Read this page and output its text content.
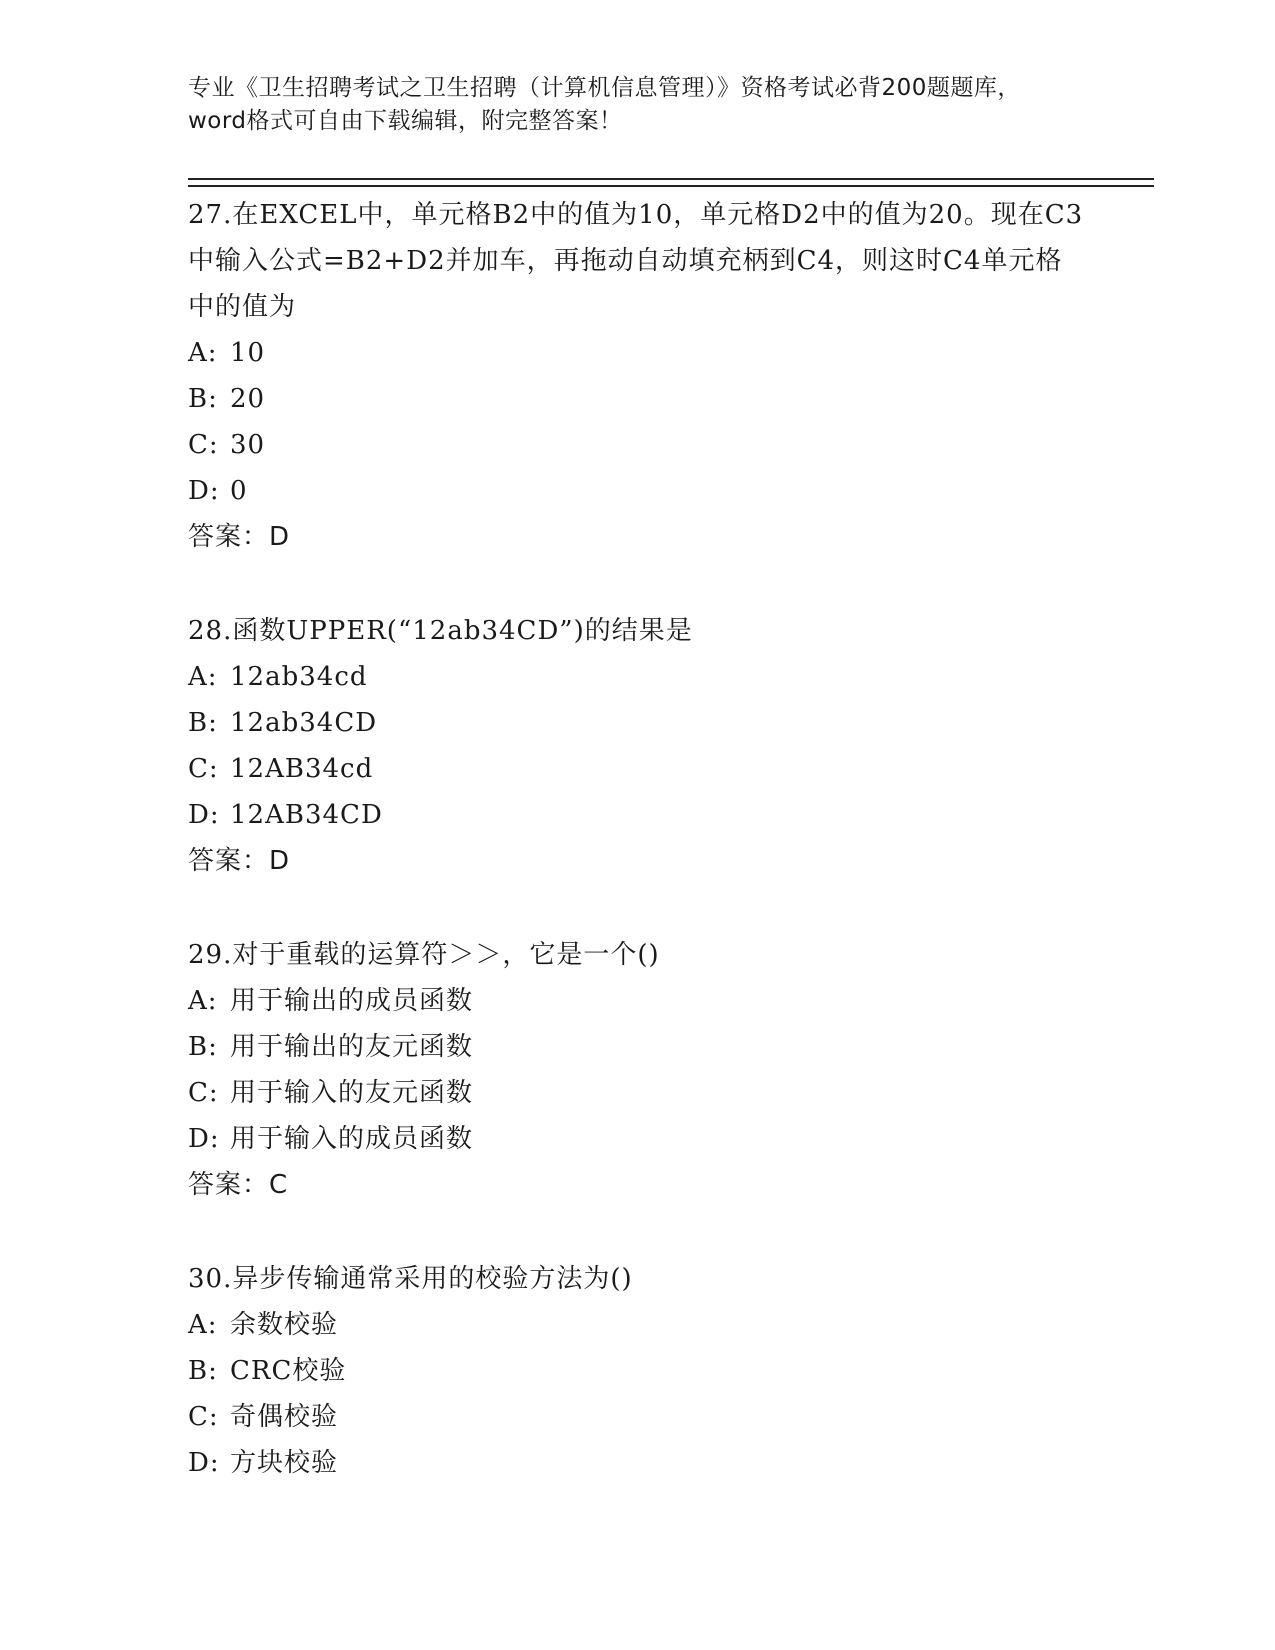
专业《卫生招聘考试之卫生招聘（计算机信息管理）》资格考试必背200题题库，
word格式可自由下载编辑，附完整答案！
27.在EXCEL中，单元格B2中的值为10，单元格D2中的值为20。现在C3中输入公式=B2+D2并加车，再拖动自动填充柄到C4，则这时C4单元格中的值为
A: 10
B: 20
C: 30
D: 0
答案：D
28.函数UPPER(“12ab34CD”)的结果是
A: 12ab34cd
B: 12ab34CD
C: 12AB34cd
D: 12AB34CD
答案：D
29.对于重载的运算符＞＞，它是一个()
A: 用于输出的成员函数
B: 用于输出的友元函数
C: 用于输入的友元函数
D: 用于输入的成员函数
答案：C
30.异步传输通常采用的校验方法为()
A: 余数校验
B: CRC校验
C: 奇偶校验
D: 方块校验
